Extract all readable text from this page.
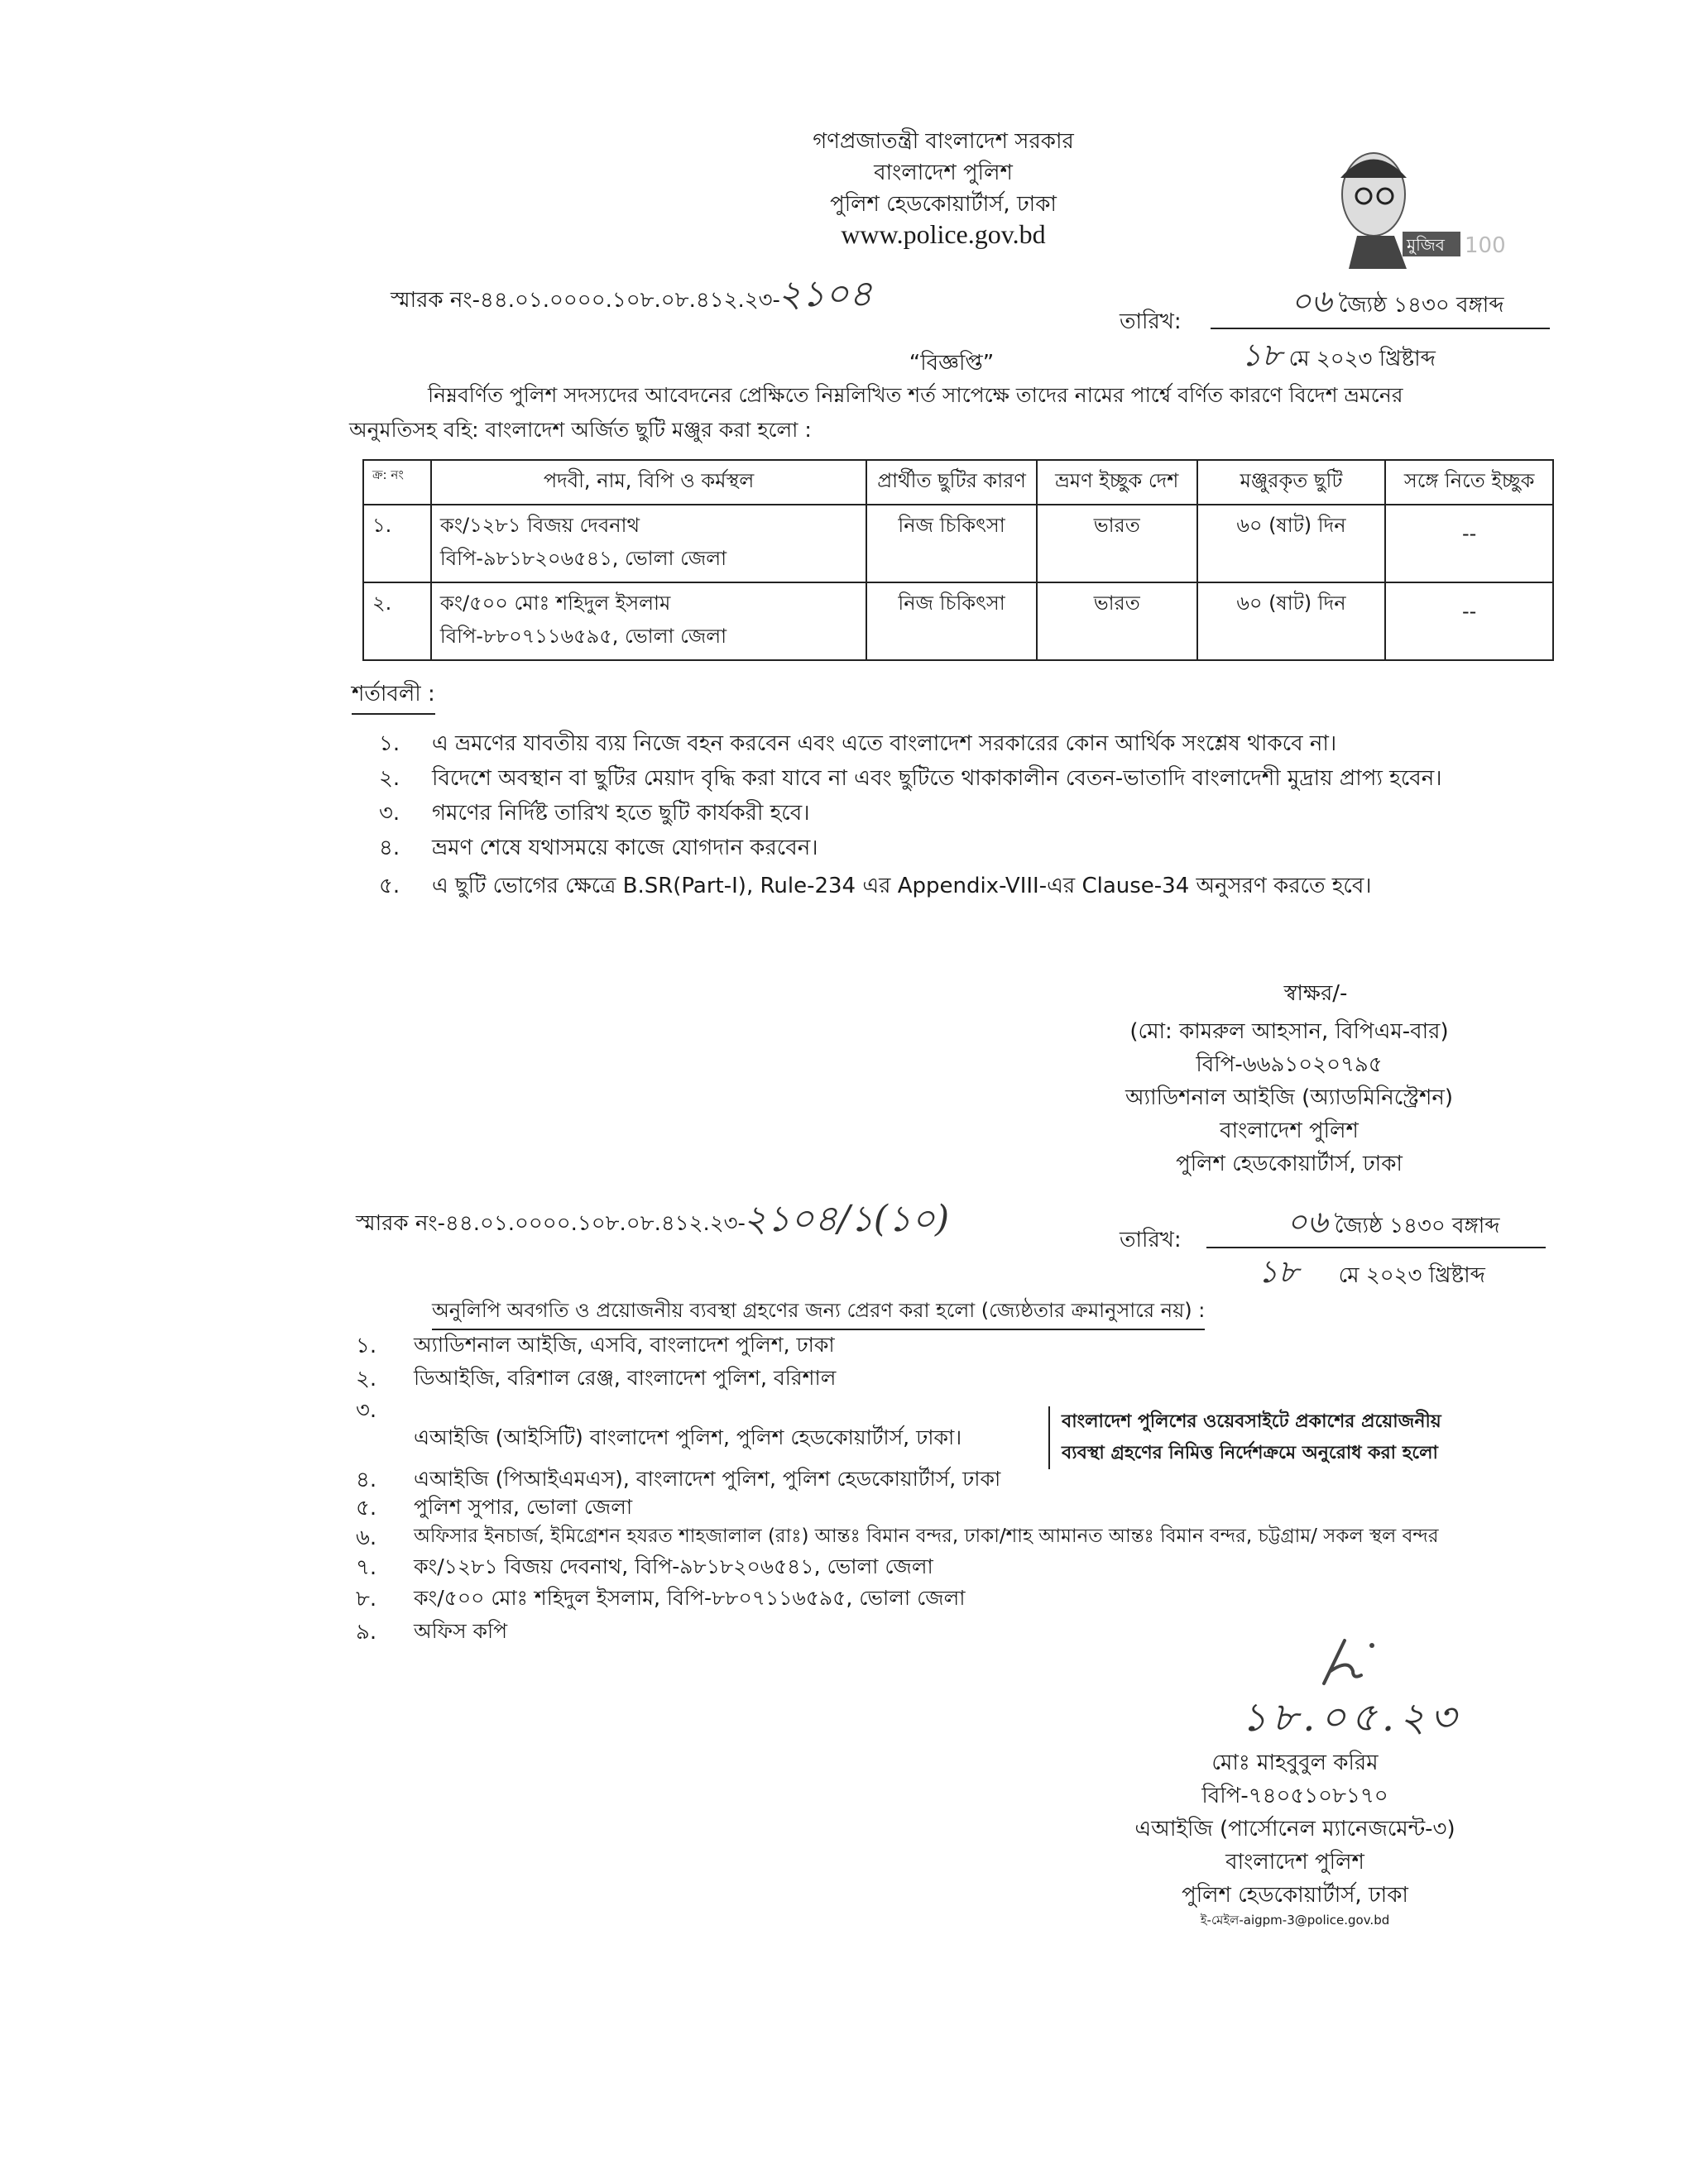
গণপ্রজাতন্ত্রী বাংলাদেশ সরকার
বাংলাদেশ পুলিশ
পুলিশ হেডকোয়ার্টার্স, ঢাকা
www.police.gov.bd	মুজিব 100
স্মারক নং-৪৪.০১.০০০০.১০৮.০৮.৪১২.২৩-
২১০৪
তারিখ:
০৬ জ্যৈষ্ঠ ১৪৩০ বঙ্গাব্দ
১৮ মে ২০২৩ খ্রিষ্টাব্দ
“বিজ্ঞপ্তি”
নিম্নবর্ণিত পুলিশ সদস্যদের আবেদনের প্রেক্ষিতে নিম্নলিখিত শর্ত সাপেক্ষে তাদের নামের পার্শ্বে বর্ণিত কারণে বিদেশ ভ্রমনের
অনুমতিসহ বহি: বাংলাদেশ অর্জিত ছুটি মঞ্জুর করা হলো :
ক্র: নং	পদবী, নাম, বিপি ও কর্মস্থল	প্রার্থীত ছুটির কারণ	ভ্রমণ ইচ্ছুক দেশ	মঞ্জুরকৃত ছুটি	সঙ্গে নিতে ইচ্ছুক
১.	কং/১২৮১ বিজয় দেবনাথ
বিপি-৯৮১৮২০৬৫৪১, ভোলা জেলা	নিজ চিকিৎসা	ভারত	৬০ (ষাট) দিন	--
২.	কং/৫০০ মোঃ শহিদুল ইসলাম
বিপি-৮৮০৭১১৬৫৯৫, ভোলা জেলা	নিজ চিকিৎসা	ভারত	৬০ (ষাট) দিন	--
শর্তাবলী :
১.	এ ভ্রমণের যাবতীয় ব্যয় নিজে বহন করবেন এবং এতে বাংলাদেশ সরকারের কোন আর্থিক সংশ্লেষ থাকবে না।
২.	বিদেশে অবস্থান বা ছুটির মেয়াদ বৃদ্ধি করা যাবে না এবং ছুটিতে থাকাকালীন বেতন-ভাতাদি বাংলাদেশী মুদ্রায় প্রাপ্য হবেন।
৩.	গমণের নির্দিষ্ট তারিখ হতে ছুটি কার্যকরী হবে।
৪.	ভ্রমণ শেষে যথাসময়ে কাজে যোগদান করবেন।
৫.	এ ছুটি ভোগের ক্ষেত্রে B.SR(Part-I), Rule-234 এর Appendix-VIII-এর Clause-34 অনুসরণ করতে হবে।
স্বাক্ষর/-
(মো: কামরুল আহসান, বিপিএম-বার)
বিপি-৬৬৯১০২০৭৯৫
অ্যাডিশনাল আইজি (অ্যাডমিনিস্ট্রেশন)
বাংলাদেশ পুলিশ
পুলিশ হেডকোয়ার্টার্স, ঢাকা
স্মারক নং-৪৪.০১.০০০০.১০৮.০৮.৪১২.২৩-
২১০৪/১(১০)	তারিখ:	০৬ জ্যৈষ্ঠ ১৪৩০ বঙ্গাব্দ
১৮ মে ২০২৩ খ্রিষ্টাব্দ
অনুলিপি অবগতি ও প্রয়োজনীয় ব্যবস্থা গ্রহণের জন্য প্রেরণ করা হলো (জ্যেষ্ঠতার ক্রমানুসারে নয়) :
১.	অ্যাডিশনাল আইজি, এসবি, বাংলাদেশ পুলিশ, ঢাকা
২.	ডিআইজি, বরিশাল রেঞ্জ, বাংলাদেশ পুলিশ, বরিশাল
৩.
এআইজি (আইসিটি) বাংলাদেশ পুলিশ, পুলিশ হেডকোয়ার্টার্স, ঢাকা।
৪.	এআইজি (পিআইএমএস), বাংলাদেশ পুলিশ, পুলিশ হেডকোয়ার্টার্স, ঢাকা
৫.	পুলিশ সুপার, ভোলা জেলা
৬.	অফিসার ইনচার্জ, ইমিগ্রেশন হযরত শাহজালাল (রাঃ) আন্তঃ বিমান বন্দর, ঢাকা/শাহ আমানত আন্তঃ বিমান বন্দর, চট্টগ্রাম/ সকল স্থল বন্দর
৭.	কং/১২৮১ বিজয় দেবনাথ, বিপি-৯৮১৮২০৬৫৪১, ভোলা জেলা
৮.	কং/৫০০ মোঃ শহিদুল ইসলাম, বিপি-৮৮০৭১১৬৫৯৫, ভোলা জেলা
৯.	অফিস কপি
বাংলাদেশ পুলিশের ওয়েবসাইটে প্রকাশের প্রয়োজনীয়
ব্যবস্থা গ্রহণের নিমিত্ত নির্দেশক্রমে অনুরোধ করা হলো
১৮.০৫.২৩
মোঃ মাহবুবুল করিম
বিপি-৭৪০৫১০৮১৭০
এআইজি (পার্সোনেল ম্যানেজমেন্ট-৩)
বাংলাদেশ পুলিশ
পুলিশ হেডকোয়ার্টার্স, ঢাকা
ই-মেইল-aigpm-3@police.gov.bd
